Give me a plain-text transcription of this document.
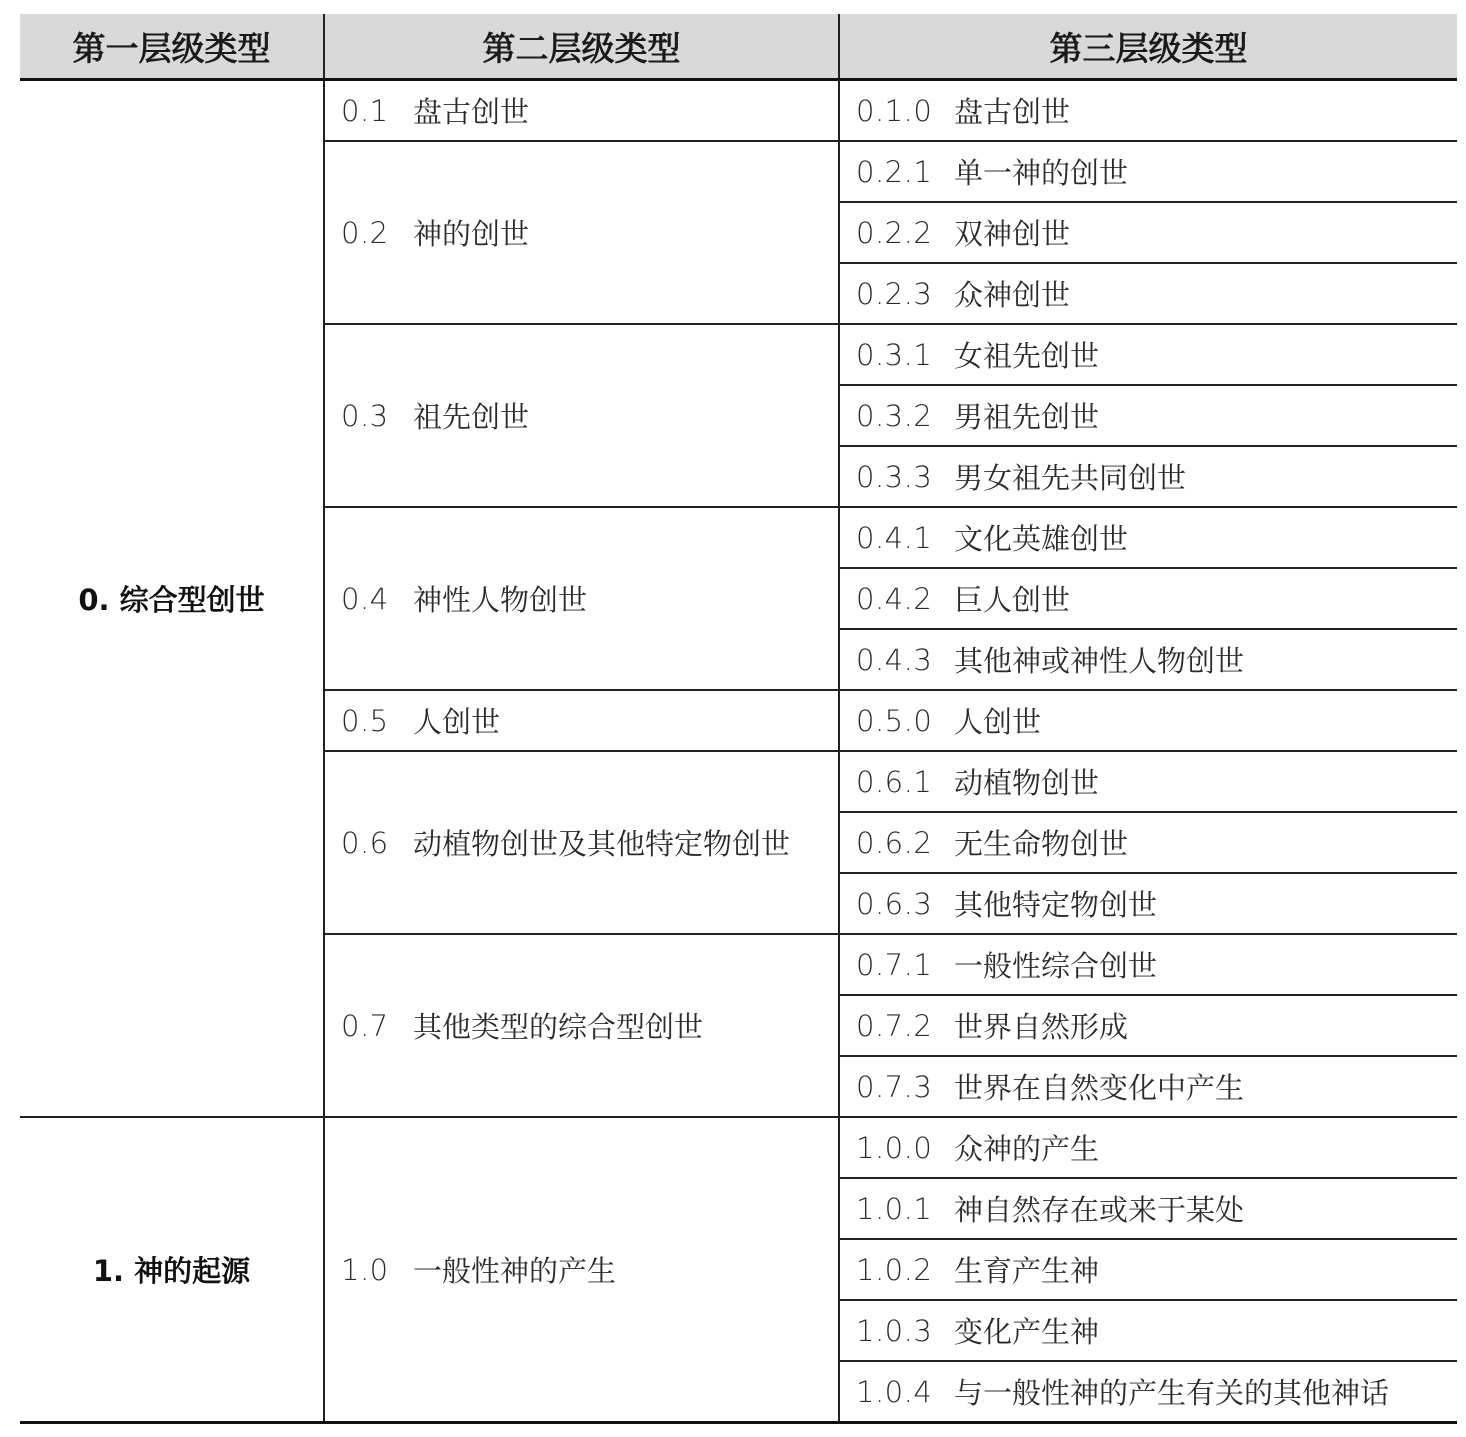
第一层级类型	第二层级类型	第三层级类型
0. 综合型创世	0.1 盘古创世	0.1.0 盘古创世

	0.2 神的创世	0.2.1 单一神的创世

		0.2.2 双神创世

		0.2.3 众神创世

	0.3 祖先创世	0.3.1 女祖先创世

		0.3.2 男祖先创世

		0.3.3 男女祖先共同创世

	0.4 神性人物创世	0.4.1 文化英雄创世

		0.4.2 巨人创世

		0.4.3 其他神或神性人物创世

	0.5 人创世	0.5.0 人创世

	0.6 动植物创世及其他特定物创世	0.6.1 动植物创世

		0.6.2 无生命物创世

		0.6.3 其他特定物创世

	0.7 其他类型的综合型创世	0.7.1 一般性综合创世

		0.7.2 世界自然形成

		0.7.3 世界在自然变化中产生

1. 神的起源	1.0 一般性神的产生	1.0.0 众神的产生

		1.0.1 神自然存在或来于某处

		1.0.2 生育产生神

		1.0.3 变化产生神

		1.0.4 与一般性神的产生有关的其他神话
